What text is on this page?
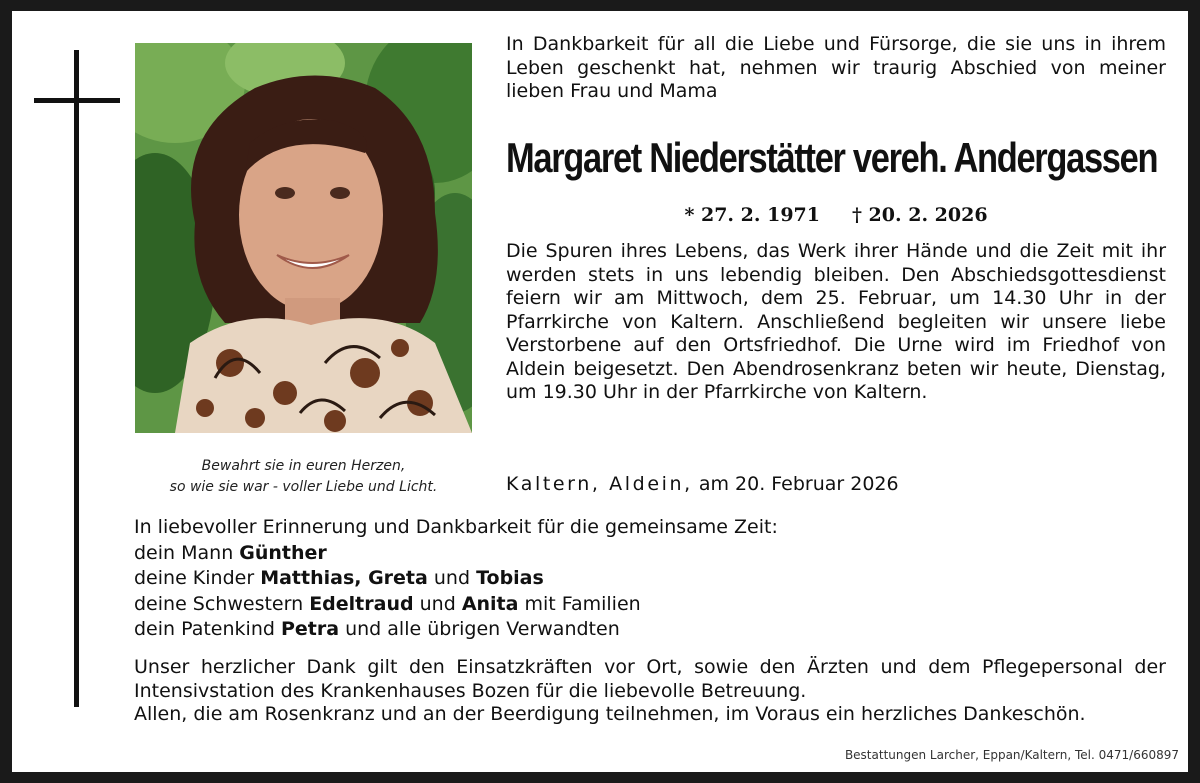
Bewahrt sie in euren Herzen,
so wie sie war - voller Liebe und Licht.
In Dankbarkeit für all die Liebe und Fürsorge, die sie uns in ihrem Leben geschenkt hat, nehmen wir traurig Abschied von meiner lieben Frau und Mama
Margaret Niederstätter vereh. Andergassen
* 27. 2. 1971 † 20. 2. 2026
Die Spuren ihres Lebens, das Werk ihrer Hände und die Zeit mit ihr werden stets in uns lebendig bleiben. Den Abschiedsgottesdienst feiern wir am Mittwoch, dem 25. Februar, um 14.30 Uhr in der Pfarrkirche von Kaltern. Anschließend begleiten wir unsere liebe Verstorbene auf den Ortsfriedhof. Die Urne wird im Friedhof von Aldein beigesetzt. Den Abendrosenkranz beten wir heute, Dienstag, um 19.30 Uhr in der Pfarrkirche von Kaltern.
Kaltern, Aldein, am 20. Februar 2026
In liebevoller Erinnerung und Dankbarkeit für die gemeinsame Zeit:
dein Mann Günther
deine Kinder Matthias, Greta und Tobias
deine Schwestern Edeltraud und Anita mit Familien
dein Patenkind Petra und alle übrigen Verwandten
Unser herzlicher Dank gilt den Einsatzkräften vor Ort, sowie den Ärzten und dem Pflegepersonal der Intensivstation des Krankenhauses Bozen für die liebevolle Betreuung.
Allen, die am Rosenkranz und an der Beerdigung teilnehmen, im Voraus ein herzliches Dankeschön.
Bestattungen Larcher, Eppan/Kaltern, Tel. 0471/660897
